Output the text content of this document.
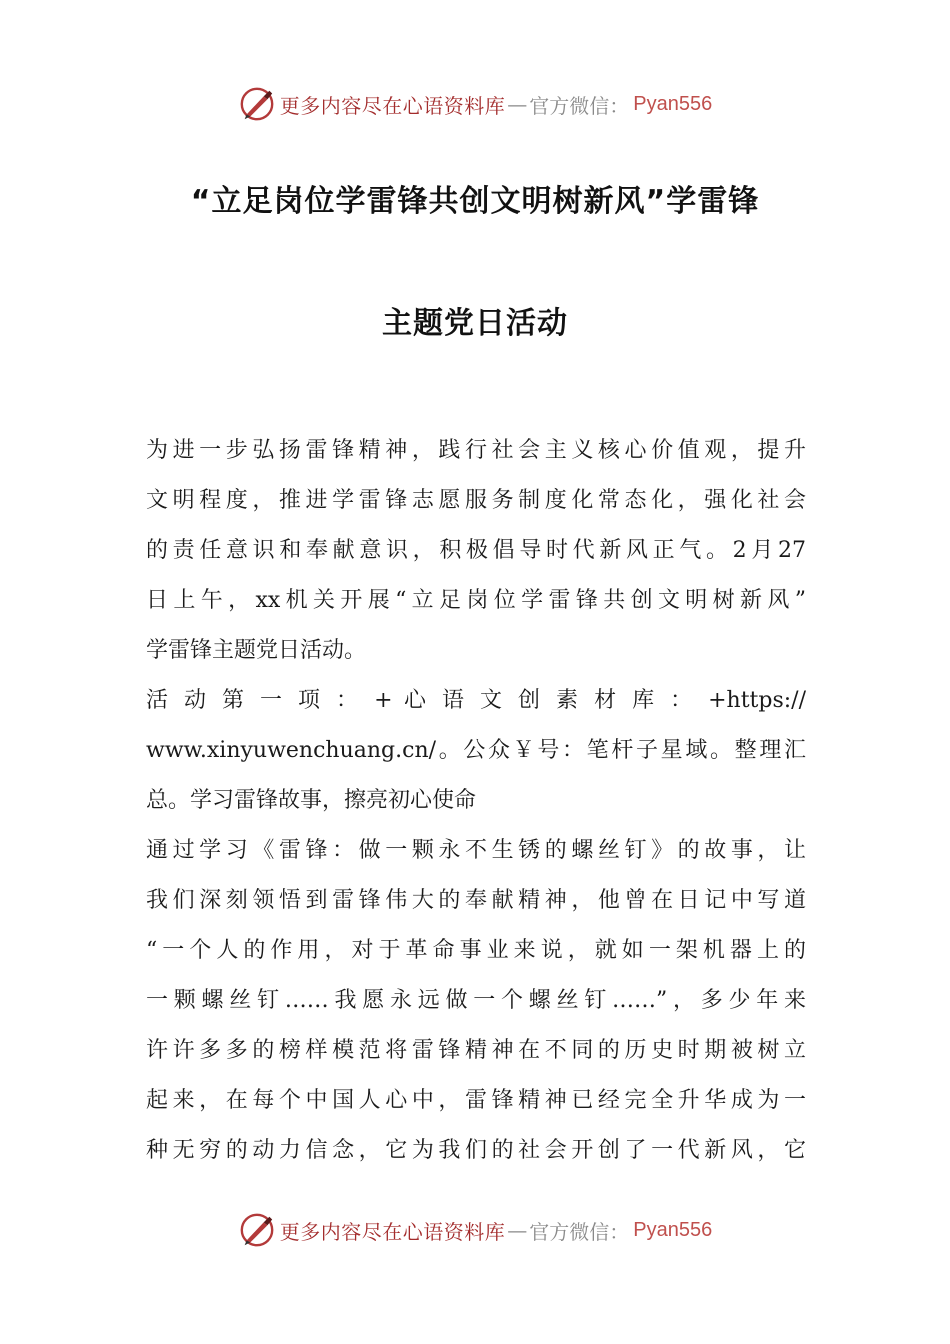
更多内容尽在心语资料库 — 官方微信： Pyan556
“立足岗位学雷锋共创文明树新风”学雷锋
主题党日活动
为进一步弘扬雷锋精神，践行社会主义核心价值观，提升
文明程度，推进学雷锋志愿服务制度化常态化，强化社会
的责任意识和奉献意识，积极倡导时代新风正气。2月27
日上午，xx机关开展“立足岗位学雷锋共创文明树新风”
学雷锋主题党日活动。
活 动 第 一 项 ： + 心 语 文 创 素 材 库 ： +https://
www.xinyuwenchuang.cn/。公众￥号：笔杆子星域。整理汇
总。学习雷锋故事，擦亮初心使命
通过学习《雷锋：做一颗永不生锈的螺丝钉》的故事，让
我们深刻领悟到雷锋伟大的奉献精神，他曾在日记中写道
“一个人的作用，对于革命事业来说，就如一架机器上的
一颗螺丝钉……我愿永远做一个螺丝钉……”，多少年来
许许多多的榜样模范将雷锋精神在不同的历史时期被树立
起来，在每个中国人心中，雷锋精神已经完全升华成为一
种无穷的动力信念，它为我们的社会开创了一代新风，它
更多内容尽在心语资料库 — 官方微信： Pyan556
